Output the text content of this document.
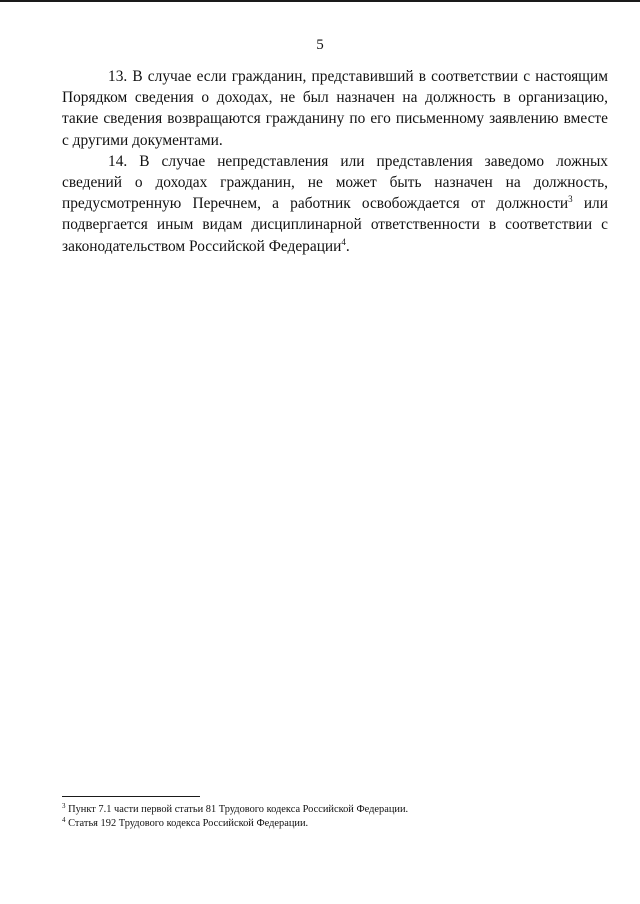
5

13. В случае если гражданин, представивший в соответствии с настоящим Порядком сведения о доходах, не был назначен на должность в организацию, такие сведения возвращаются гражданину по его письменному заявлению вместе с другими документами.

14. В случае непредставления или представления заведомо ложных сведений о доходах гражданин, не может быть назначен на должность, предусмотренную Перечнем, а работник освобождается от должности$^3$ или подвергается иным видам дисциплинарной ответственности в соответствии с законодательством Российской Федерации$^4$.

$^3$ Пункт 7.1 части первой статьи 81 Трудового кодекса Российской Федерации.

$^4$ Статья 192 Трудового кодекса Российской Федерации.
